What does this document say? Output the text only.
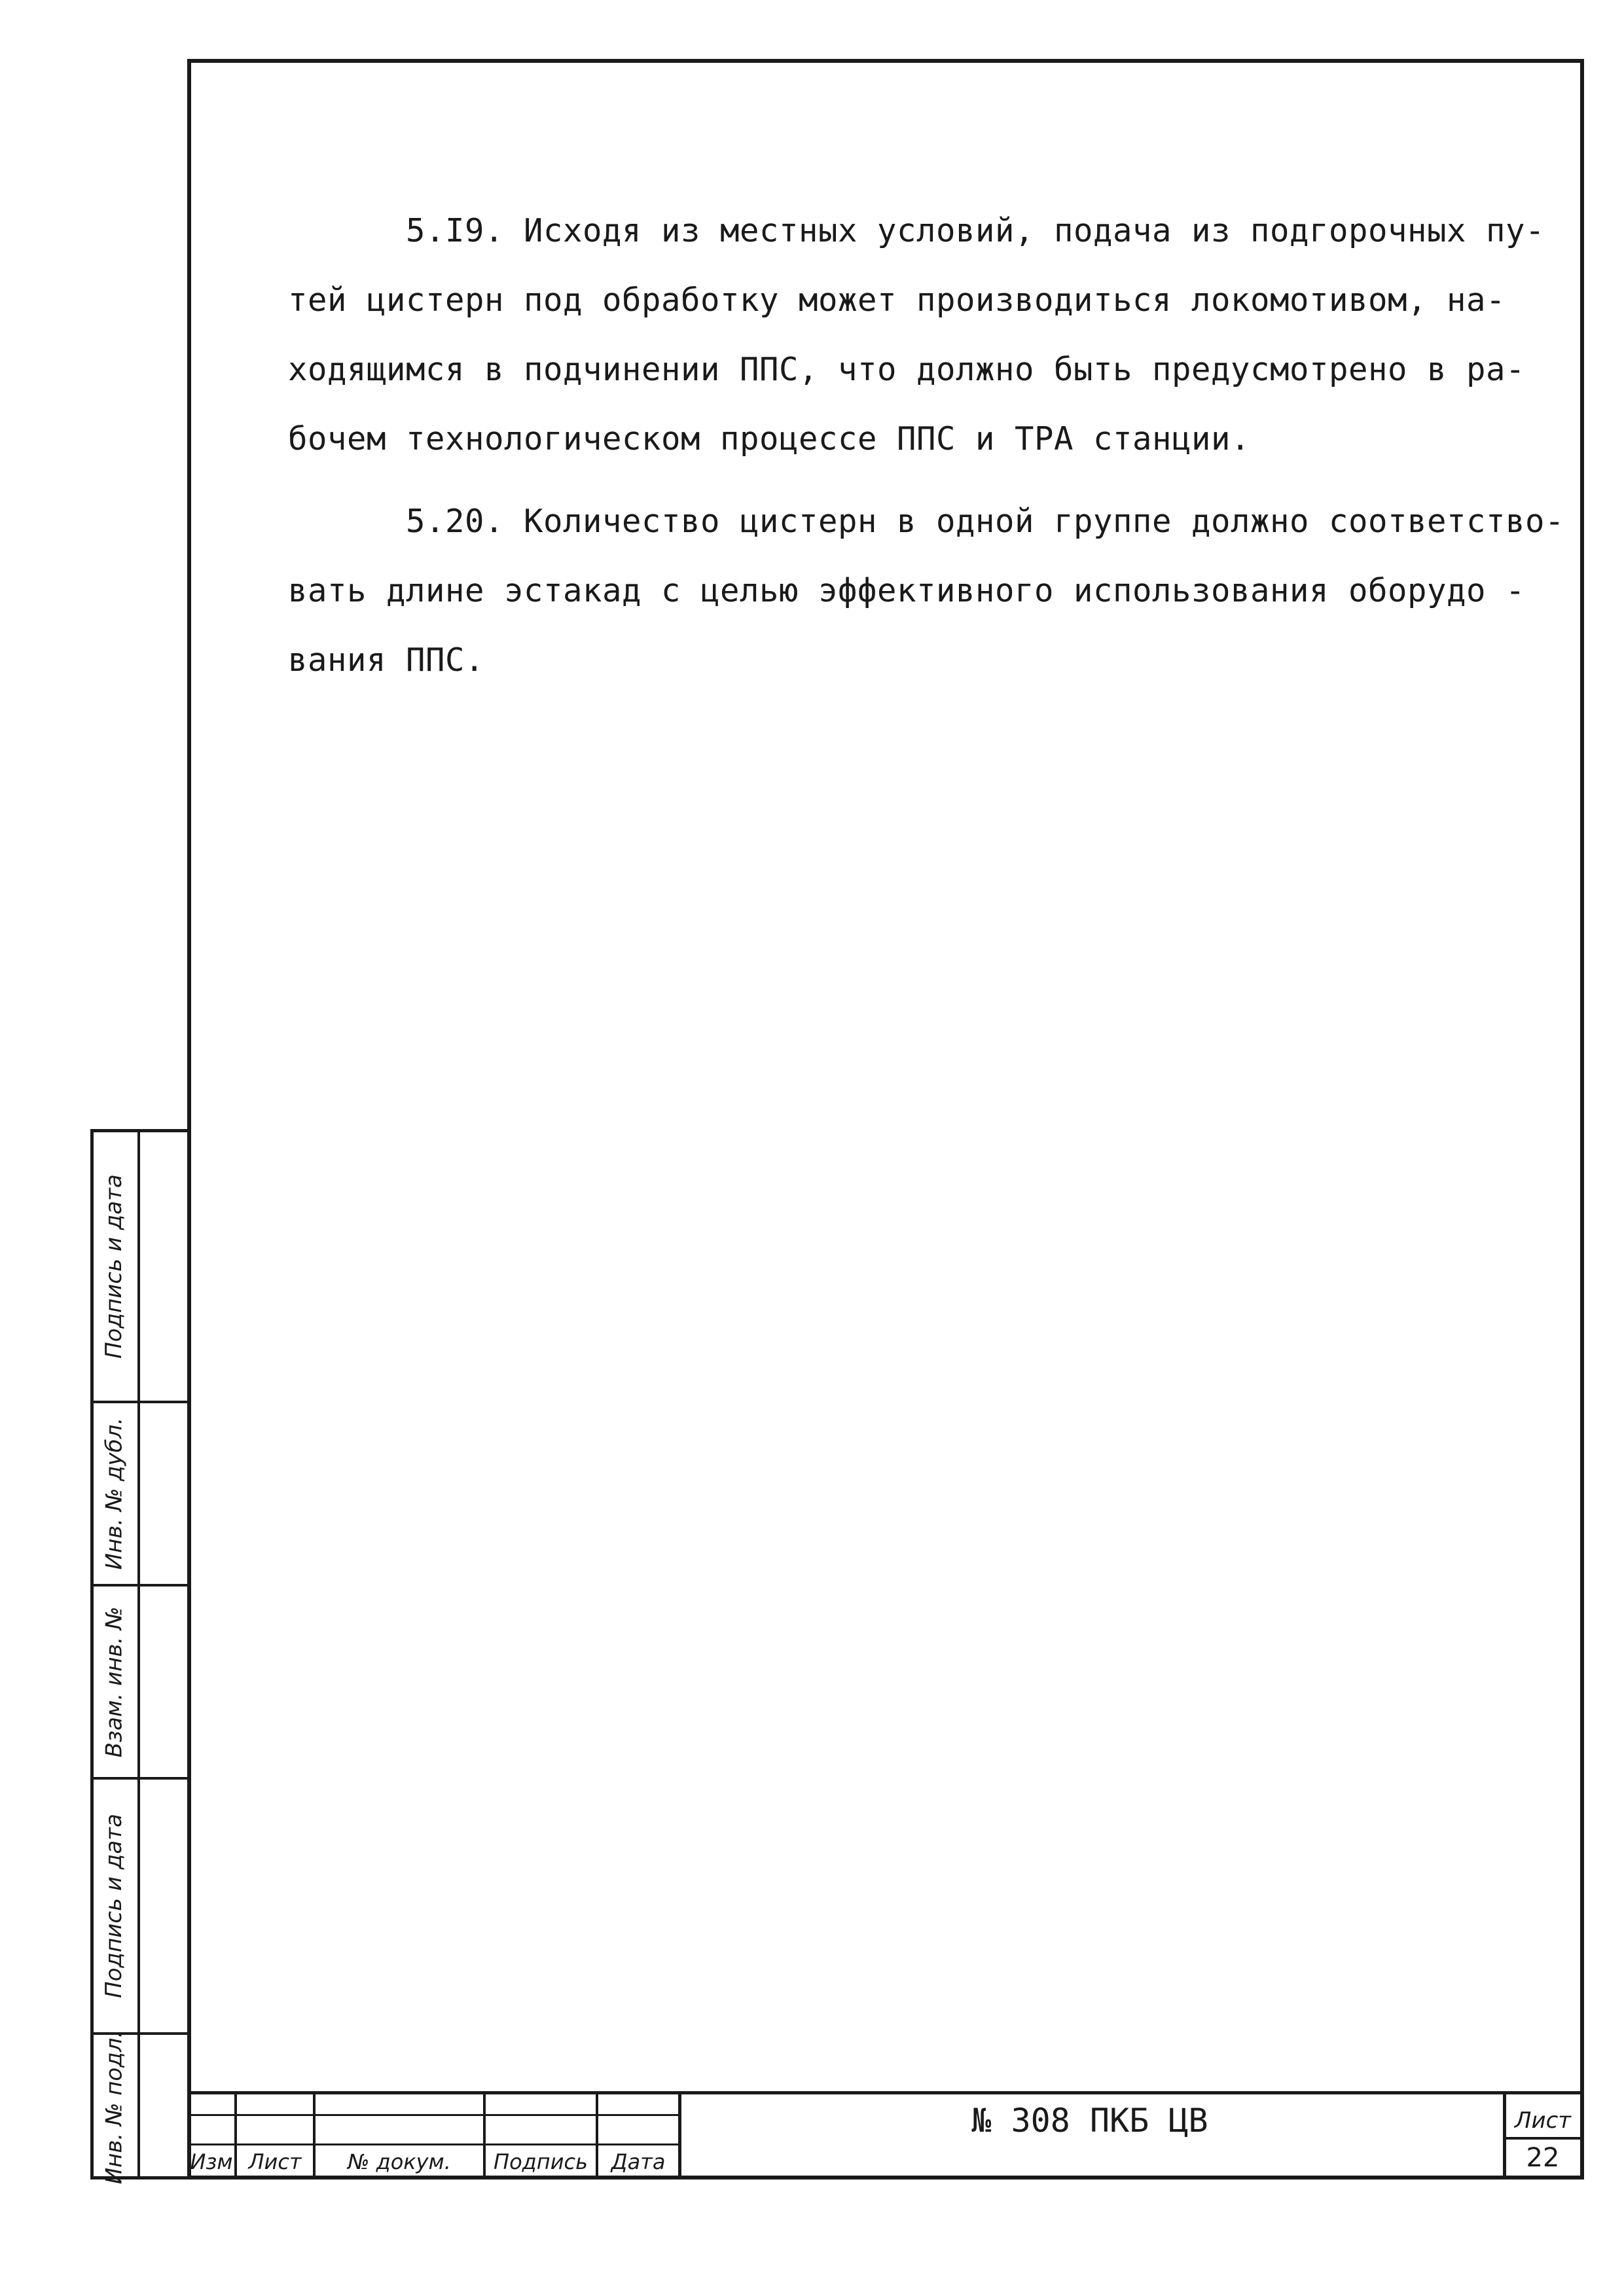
5.I9. Исходя из местных условий, подача из подгорочных пу-
тей цистерн под обработку может производиться локомотивом, на-
ходящимся в подчинении ППС, что должно быть предусмотрено в ра-
бочем технологическом процессе ППС и ТРА станции.
5.20. Количество цистерн в одной группе должно соответство-
вать длине эстакад с целью эффективного использования оборудо -
вания ППС.
Подпись и дата
Инв. № дубл.
Взам. инв. №
Подпись и дата
Инв. № подл.	Изм Лист	№ докум.	Подпись	Дата
№ 308 ПКБ ЦВ	Лист
22
